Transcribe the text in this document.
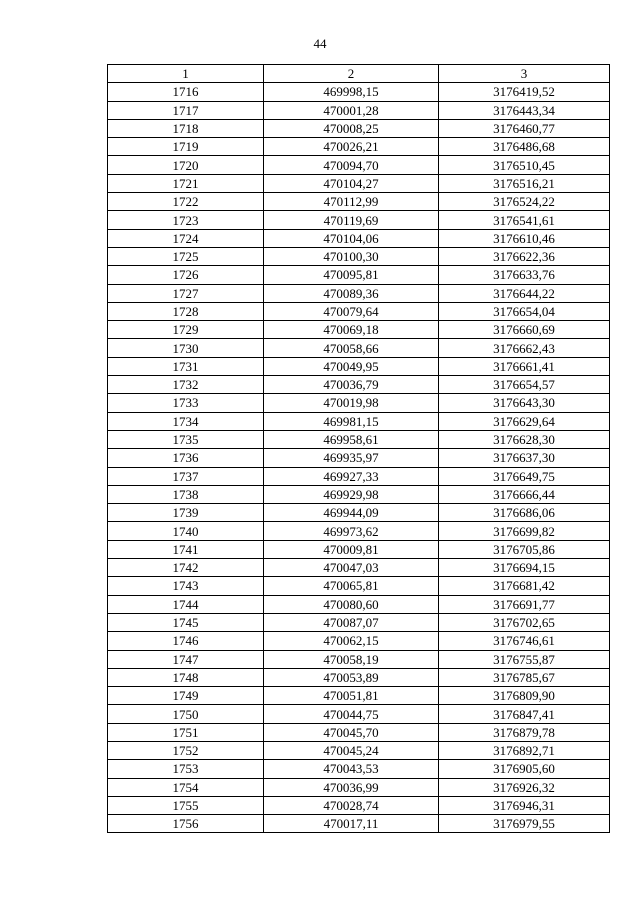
44
1	2	3
1716	469998,15	3176419,52
1717	470001,28	3176443,34
1718	470008,25	3176460,77
1719	470026,21	3176486,68
1720	470094,70	3176510,45
1721	470104,27	3176516,21
1722	470112,99	3176524,22
1723	470119,69	3176541,61
1724	470104,06	3176610,46
1725	470100,30	3176622,36
1726	470095,81	3176633,76
1727	470089,36	3176644,22
1728	470079,64	3176654,04
1729	470069,18	3176660,69
1730	470058,66	3176662,43
1731	470049,95	3176661,41
1732	470036,79	3176654,57
1733	470019,98	3176643,30
1734	469981,15	3176629,64
1735	469958,61	3176628,30
1736	469935,97	3176637,30
1737	469927,33	3176649,75
1738	469929,98	3176666,44
1739	469944,09	3176686,06
1740	469973,62	3176699,82
1741	470009,81	3176705,86
1742	470047,03	3176694,15
1743	470065,81	3176681,42
1744	470080,60	3176691,77
1745	470087,07	3176702,65
1746	470062,15	3176746,61
1747	470058,19	3176755,87
1748	470053,89	3176785,67
1749	470051,81	3176809,90
1750	470044,75	3176847,41
1751	470045,70	3176879,78
1752	470045,24	3176892,71
1753	470043,53	3176905,60
1754	470036,99	3176926,32
1755	470028,74	3176946,31
1756	470017,11	3176979,55
